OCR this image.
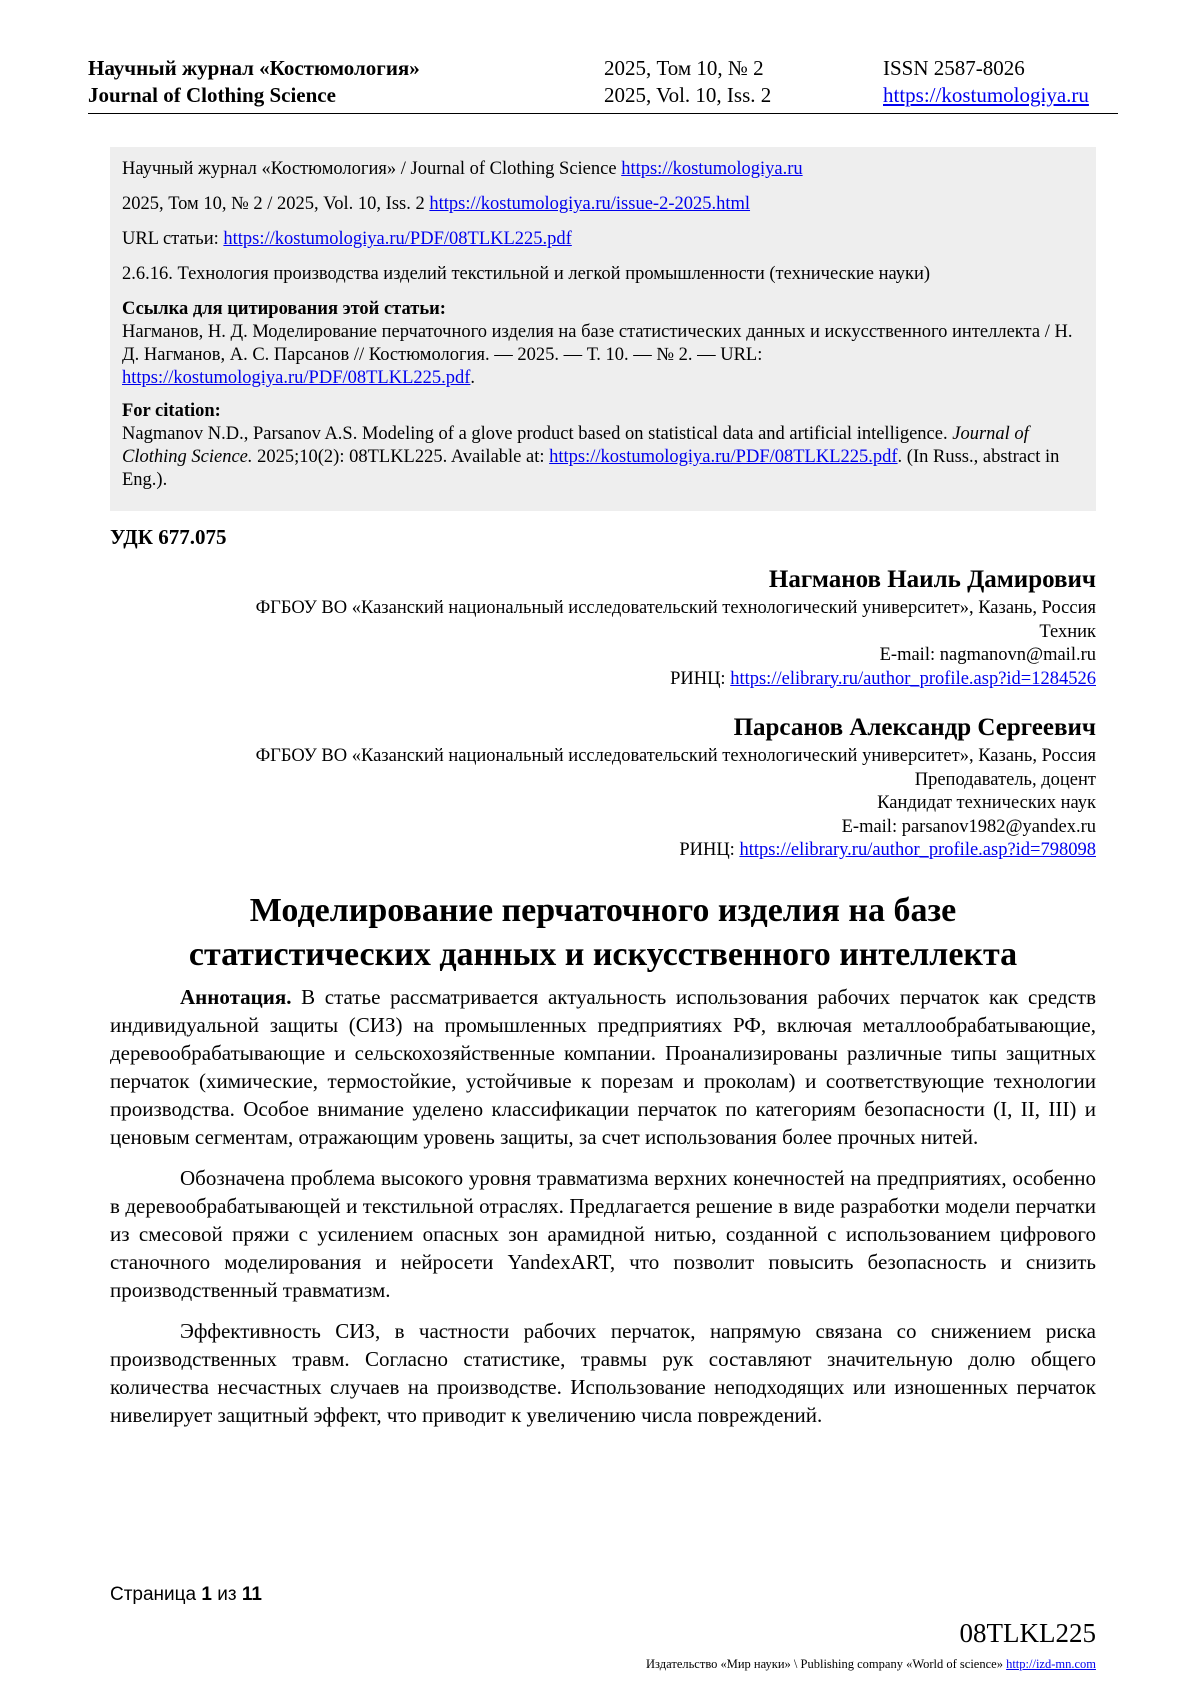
Научный журнал «Костюмология»
Journal of Clothing Science
2025, Том 10, № 2
2025, Vol. 10, Iss. 2
ISSN 2587-8026
https://kostumologiya.ru

Научный журнал «Костюмология» / Journal of Clothing Science https://kostumologiya.ru

2025, Том 10, № 2 / 2025, Vol. 10, Iss. 2 https://kostumologiya.ru/issue-2-2025.html

URL статьи: https://kostumologiya.ru/PDF/08TLKL225.pdf

2.6.16. Технология производства изделий текстильной и легкой промышленности (технические науки)

Ссылка для цитирования этой статьи:
Нагманов, Н. Д. Моделирование перчаточного изделия на базе статистических данных и искусственного интеллекта / Н. Д. Нагманов, А. С. Парсанов // Костюмология. — 2025. — Т. 10. — № 2. — URL: https://kostumologiya.ru/PDF/08TLKL225.pdf.

For citation:
Nagmanov N.D., Parsanov A.S. Modeling of a glove product based on statistical data and artificial intelligence. Journal of Clothing Science. 2025;10(2): 08TLKL225. Available at: https://kostumologiya.ru/PDF/08TLKL225.pdf. (In Russ., abstract in Eng.).

УДК 677.075
Нагманов Наиль Дамирович
ФГБОУ ВО «Казанский национальный исследовательский технологический университет», Казань, Россия
Техник
E-mail: nagmanovn@mail.ru
РИНЦ: https://elibrary.ru/author_profile.asp?id=1284526
Парсанов Александр Сергеевич
ФГБОУ ВО «Казанский национальный исследовательский технологический университет», Казань, Россия
Преподаватель, доцент
Кандидат технических наук
E-mail: parsanov1982@yandex.ru
РИНЦ: https://elibrary.ru/author_profile.asp?id=798098
Моделирование перчаточного изделия на базе
статистических данных и искусственного интеллекта

Аннотация. В статье рассматривается актуальность использования рабочих перчаток как средств индивидуальной защиты (СИЗ) на промышленных предприятиях РФ, включая металлообрабатывающие, деревообрабатывающие и сельскохозяйственные компании. Проанализированы различные типы защитных перчаток (химические, термостойкие, устойчивые к порезам и проколам) и соответствующие технологии производства. Особое внимание уделено классификации перчаток по категориям безопасности (I, II, III) и ценовым сегментам, отражающим уровень защиты, за счет использования более прочных нитей.

Обозначена проблема высокого уровня травматизма верхних конечностей на предприятиях, особенно в деревообрабатывающей и текстильной отраслях. Предлагается решение в виде разработки модели перчатки из смесовой пряжи с усилением опасных зон арамидной нитью, созданной с использованием цифрового станочного моделирования и нейросети YandexART, что позволит повысить безопасность и снизить производственный травматизм.

Эффективность СИЗ, в частности рабочих перчаток, напрямую связана со снижением риска производственных травм. Согласно статистике, травмы рук составляют значительную долю общего количества несчастных случаев на производстве. Использование неподходящих или изношенных перчаток нивелирует защитный эффект, что приводит к увеличению числа повреждений.

Страница 1 из 11
08TLKL225
Издательство «Мир науки» \ Publishing company «World of science» http://izd-mn.com
